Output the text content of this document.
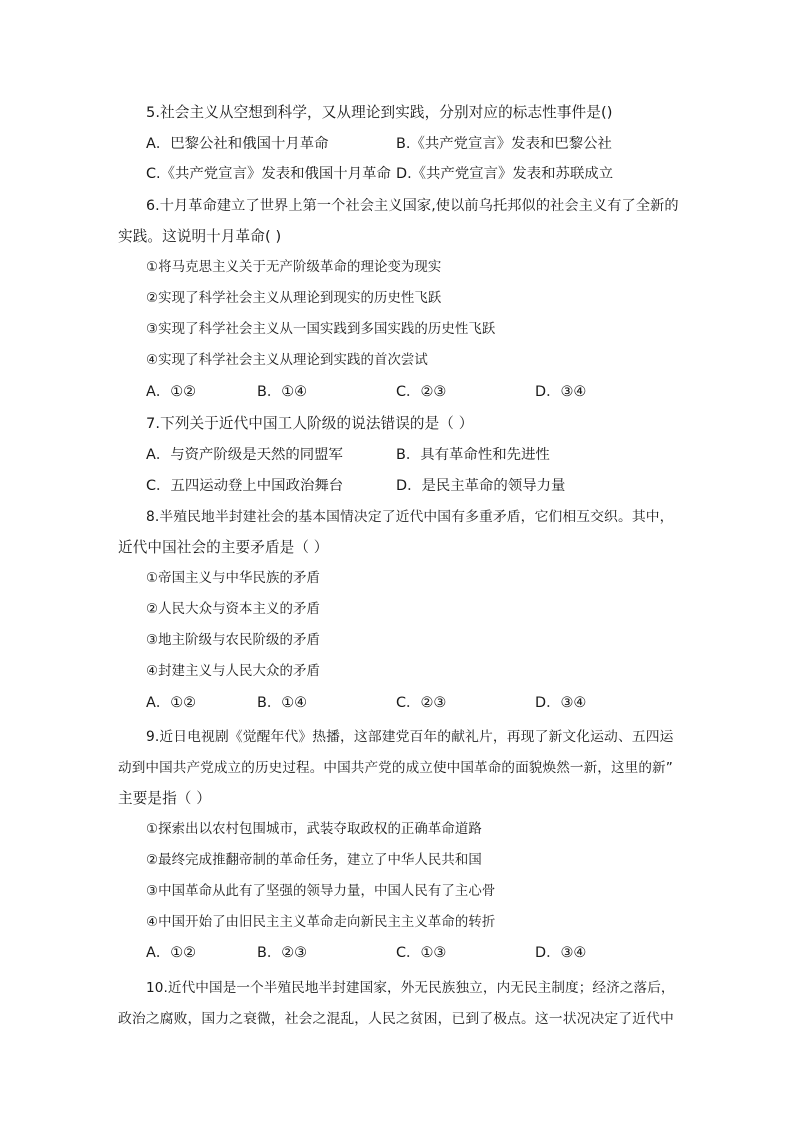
5.社会主义从空想到科学，又从理论到实践，分别对应的标志性事件是()
A．巴黎公社和俄国十月革命	B.《共产党宣言》发表和巴黎公社
C.《共产党宣言》发表和俄国十月革命 D.《共产党宣言》发表和苏联成立
6.十月革命建立了世界上第一个社会主义国家,使以前乌托邦似的社会主义有了全新的
实践。这说明十月革命( )
①将马克思主义关于无产阶级革命的理论变为现实
②实现了科学社会主义从理论到现实的历史性飞跃
③实现了科学社会主义从一国实践到多国实践的历史性飞跃
④实现了科学社会主义从理论到实践的首次尝试
A．①②	B．①④	C．②③	D．③④
7.下列关于近代中国工人阶级的说法错误的是（ ）
A．与资产阶级是天然的同盟军	B．具有革命性和先进性
C．五四运动登上中国政治舞台	D．是民主革命的领导力量
8.半殖民地半封建社会的基本国情决定了近代中国有多重矛盾，它们相互交织。其中，
近代中国社会的主要矛盾是（ ）
①帝国主义与中华民族的矛盾
②人民大众与资本主义的矛盾
③地主阶级与农民阶级的矛盾
④封建主义与人民大众的矛盾
A．①②	B．①④	C．②③	D．③④
9.近日电视剧《觉醒年代》热播，这部建党百年的献礼片，再现了新文化运动、五四运
动到中国共产党成立的历史过程。中国共产党的成立使中国革命的面貌焕然一新，这里的新”
主要是指（ ）
①探索出以农村包围城市，武装夺取政权的正确革命道路
②最终完成推翻帝制的革命任务，建立了中华人民共和国
③中国革命从此有了坚强的领导力量，中国人民有了主心骨
④中国开始了由旧民主主义革命走向新民主主义革命的转折
A．①②	B．②③	C．①③	D．③④
10.近代中国是一个半殖民地半封建国家，外无民族独立，内无民主制度；经济之落后，
政治之腐败，国力之衰微，社会之混乱，人民之贫困，已到了极点。这一状况决定了近代中
